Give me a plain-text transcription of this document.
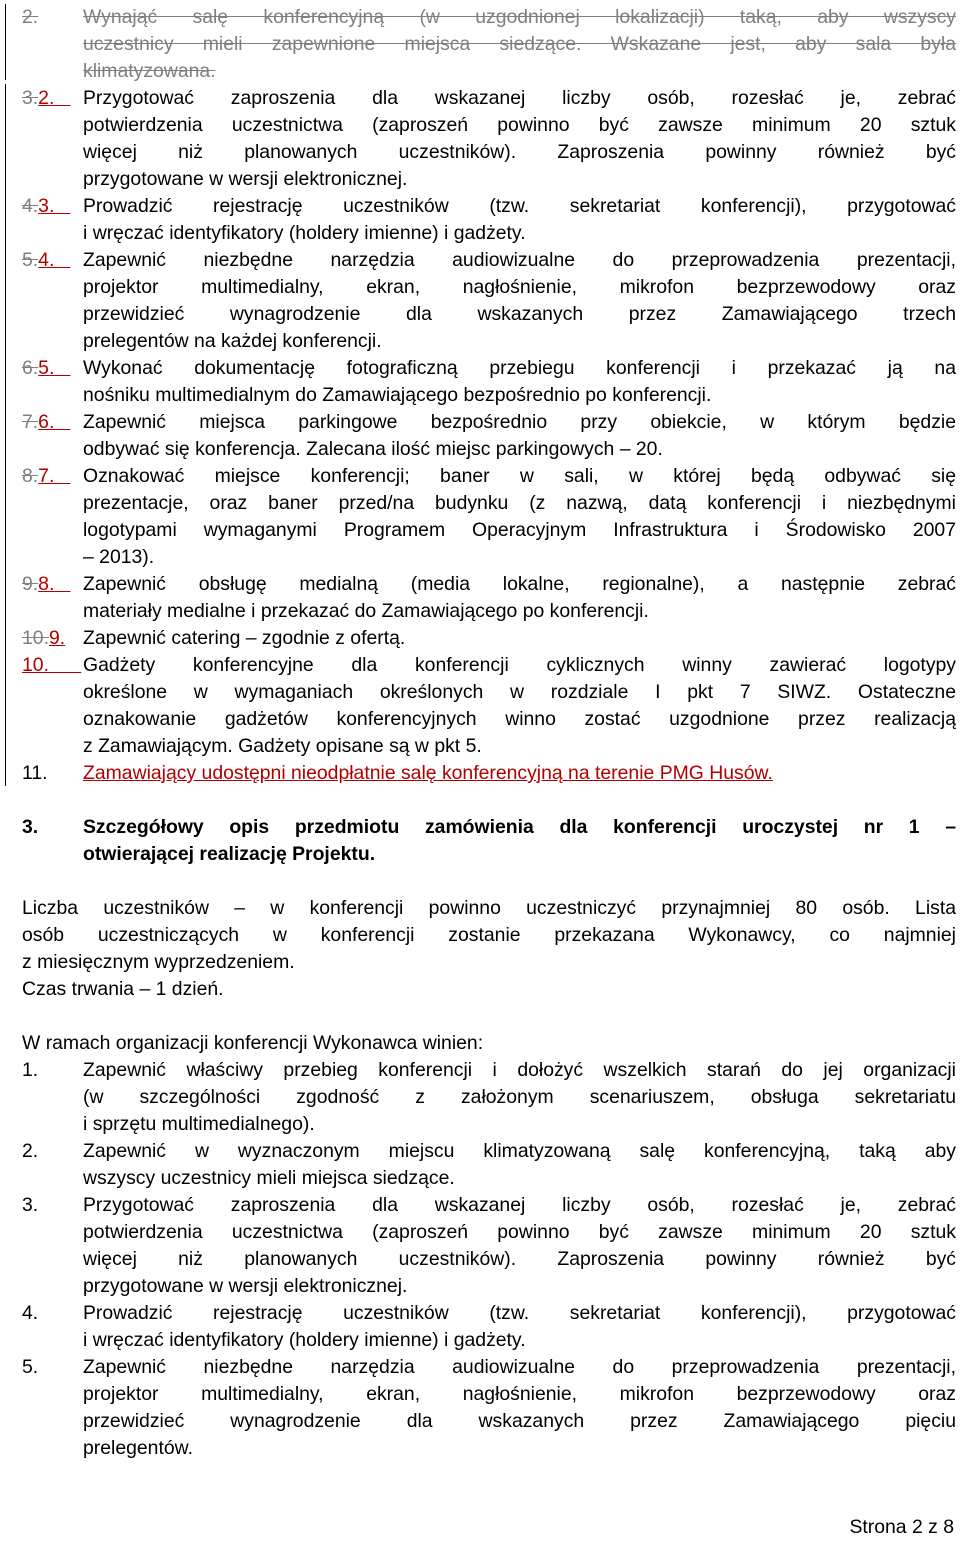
2. Wynająć salę konferencyjną (w uzgodnionej lokalizacji) taką, aby wszyscy
uczestnicy mieli zapewnione miejsca siedzące. Wskazane jest, aby sala była
klimatyzowana.
3.2.	Przygotować zaproszenia dla wskazanej liczby osób, rozesłać je, zebrać
potwierdzenia uczestnictwa (zaproszeń powinno być zawsze minimum 20 sztuk
więcej niż planowanych uczestników). Zaproszenia powinny również być
przygotowane w wersji elektronicznej.
4.3.	Prowadzić rejestrację uczestników (tzw. sekretariat konferencji), przygotować
i wręczać identyfikatory (holdery imienne) i gadżety.
5.4.	Zapewnić niezbędne narzędzia audiowizualne do przeprowadzenia prezentacji,
projektor multimedialny, ekran, nagłośnienie, mikrofon bezprzewodowy oraz
przewidzieć wynagrodzenie dla wskazanych przez Zamawiającego trzech
prelegentów na każdej konferencji.
6.5.	Wykonać dokumentację fotograficzną przebiegu konferencji i przekazać ją na
nośniku multimedialnym do Zamawiającego bezpośrednio po konferencji.
7.6.	Zapewnić miejsca parkingowe bezpośrednio przy obiekcie, w którym będzie
odbywać się konferencja. Zalecana ilość miejsc parkingowych – 20.
8.7.	Oznakować miejsce konferencji; baner w sali, w której będą odbywać się
prezentacje, oraz baner przed/na budynku (z nazwą, datą konferencji i niezbędnymi
logotypami wymaganymi Programem Operacyjnym Infrastruktura i Środowisko 2007
– 2013).
9.8.	Zapewnić obsługę medialną (media lokalne, regionalne), a następnie zebrać
materiały medialne i przekazać do Zamawiającego po konferencji.
10.9. Zapewnić catering – zgodnie z ofertą.
10.	Gadżety konferencyjne dla konferencji cyklicznych winny zawierać logotypy
określone w wymaganiach określonych w rozdziale I pkt 7 SIWZ. Ostateczne
oznakowanie gadżetów konferencyjnych winno zostać uzgodnione przez realizacją
z Zamawiającym. Gadżety opisane są w pkt 5.
11. Zamawiający udostępni nieodpłatnie salę konferencyjną na terenie PMG Husów.
3. Szczegółowy opis przedmiotu zamówienia dla konferencji uroczystej nr 1 –
otwierającej realizację Projektu.
Liczba uczestników – w konferencji powinno uczestniczyć przynajmniej 80 osób. Lista
osób uczestniczących w konferencji zostanie przekazana Wykonawcy, co najmniej
z miesięcznym wyprzedzeniem.
Czas trwania – 1 dzień.
W ramach organizacji konferencji Wykonawca winien:
1. Zapewnić właściwy przebieg konferencji i dołożyć wszelkich starań do jej organizacji
(w szczególności zgodność z założonym scenariuszem, obsługa sekretariatu
i sprzętu multimedialnego).
2. Zapewnić w wyznaczonym miejscu klimatyzowaną salę konferencyjną, taką aby
wszyscy uczestnicy mieli miejsca siedzące.
3. Przygotować zaproszenia dla wskazanej liczby osób, rozesłać je, zebrać
potwierdzenia uczestnictwa (zaproszeń powinno być zawsze minimum 20 sztuk
więcej niż planowanych uczestników). Zaproszenia powinny również być
przygotowane w wersji elektronicznej.
4. Prowadzić rejestrację uczestników (tzw. sekretariat konferencji), przygotować
i wręczać identyfikatory (holdery imienne) i gadżety.
5. Zapewnić niezbędne narzędzia audiowizualne do przeprowadzenia prezentacji,
projektor multimedialny, ekran, nagłośnienie, mikrofon bezprzewodowy oraz
przewidzieć wynagrodzenie dla wskazanych przez Zamawiającego pięciu
prelegentów.
Strona 2 z 8
